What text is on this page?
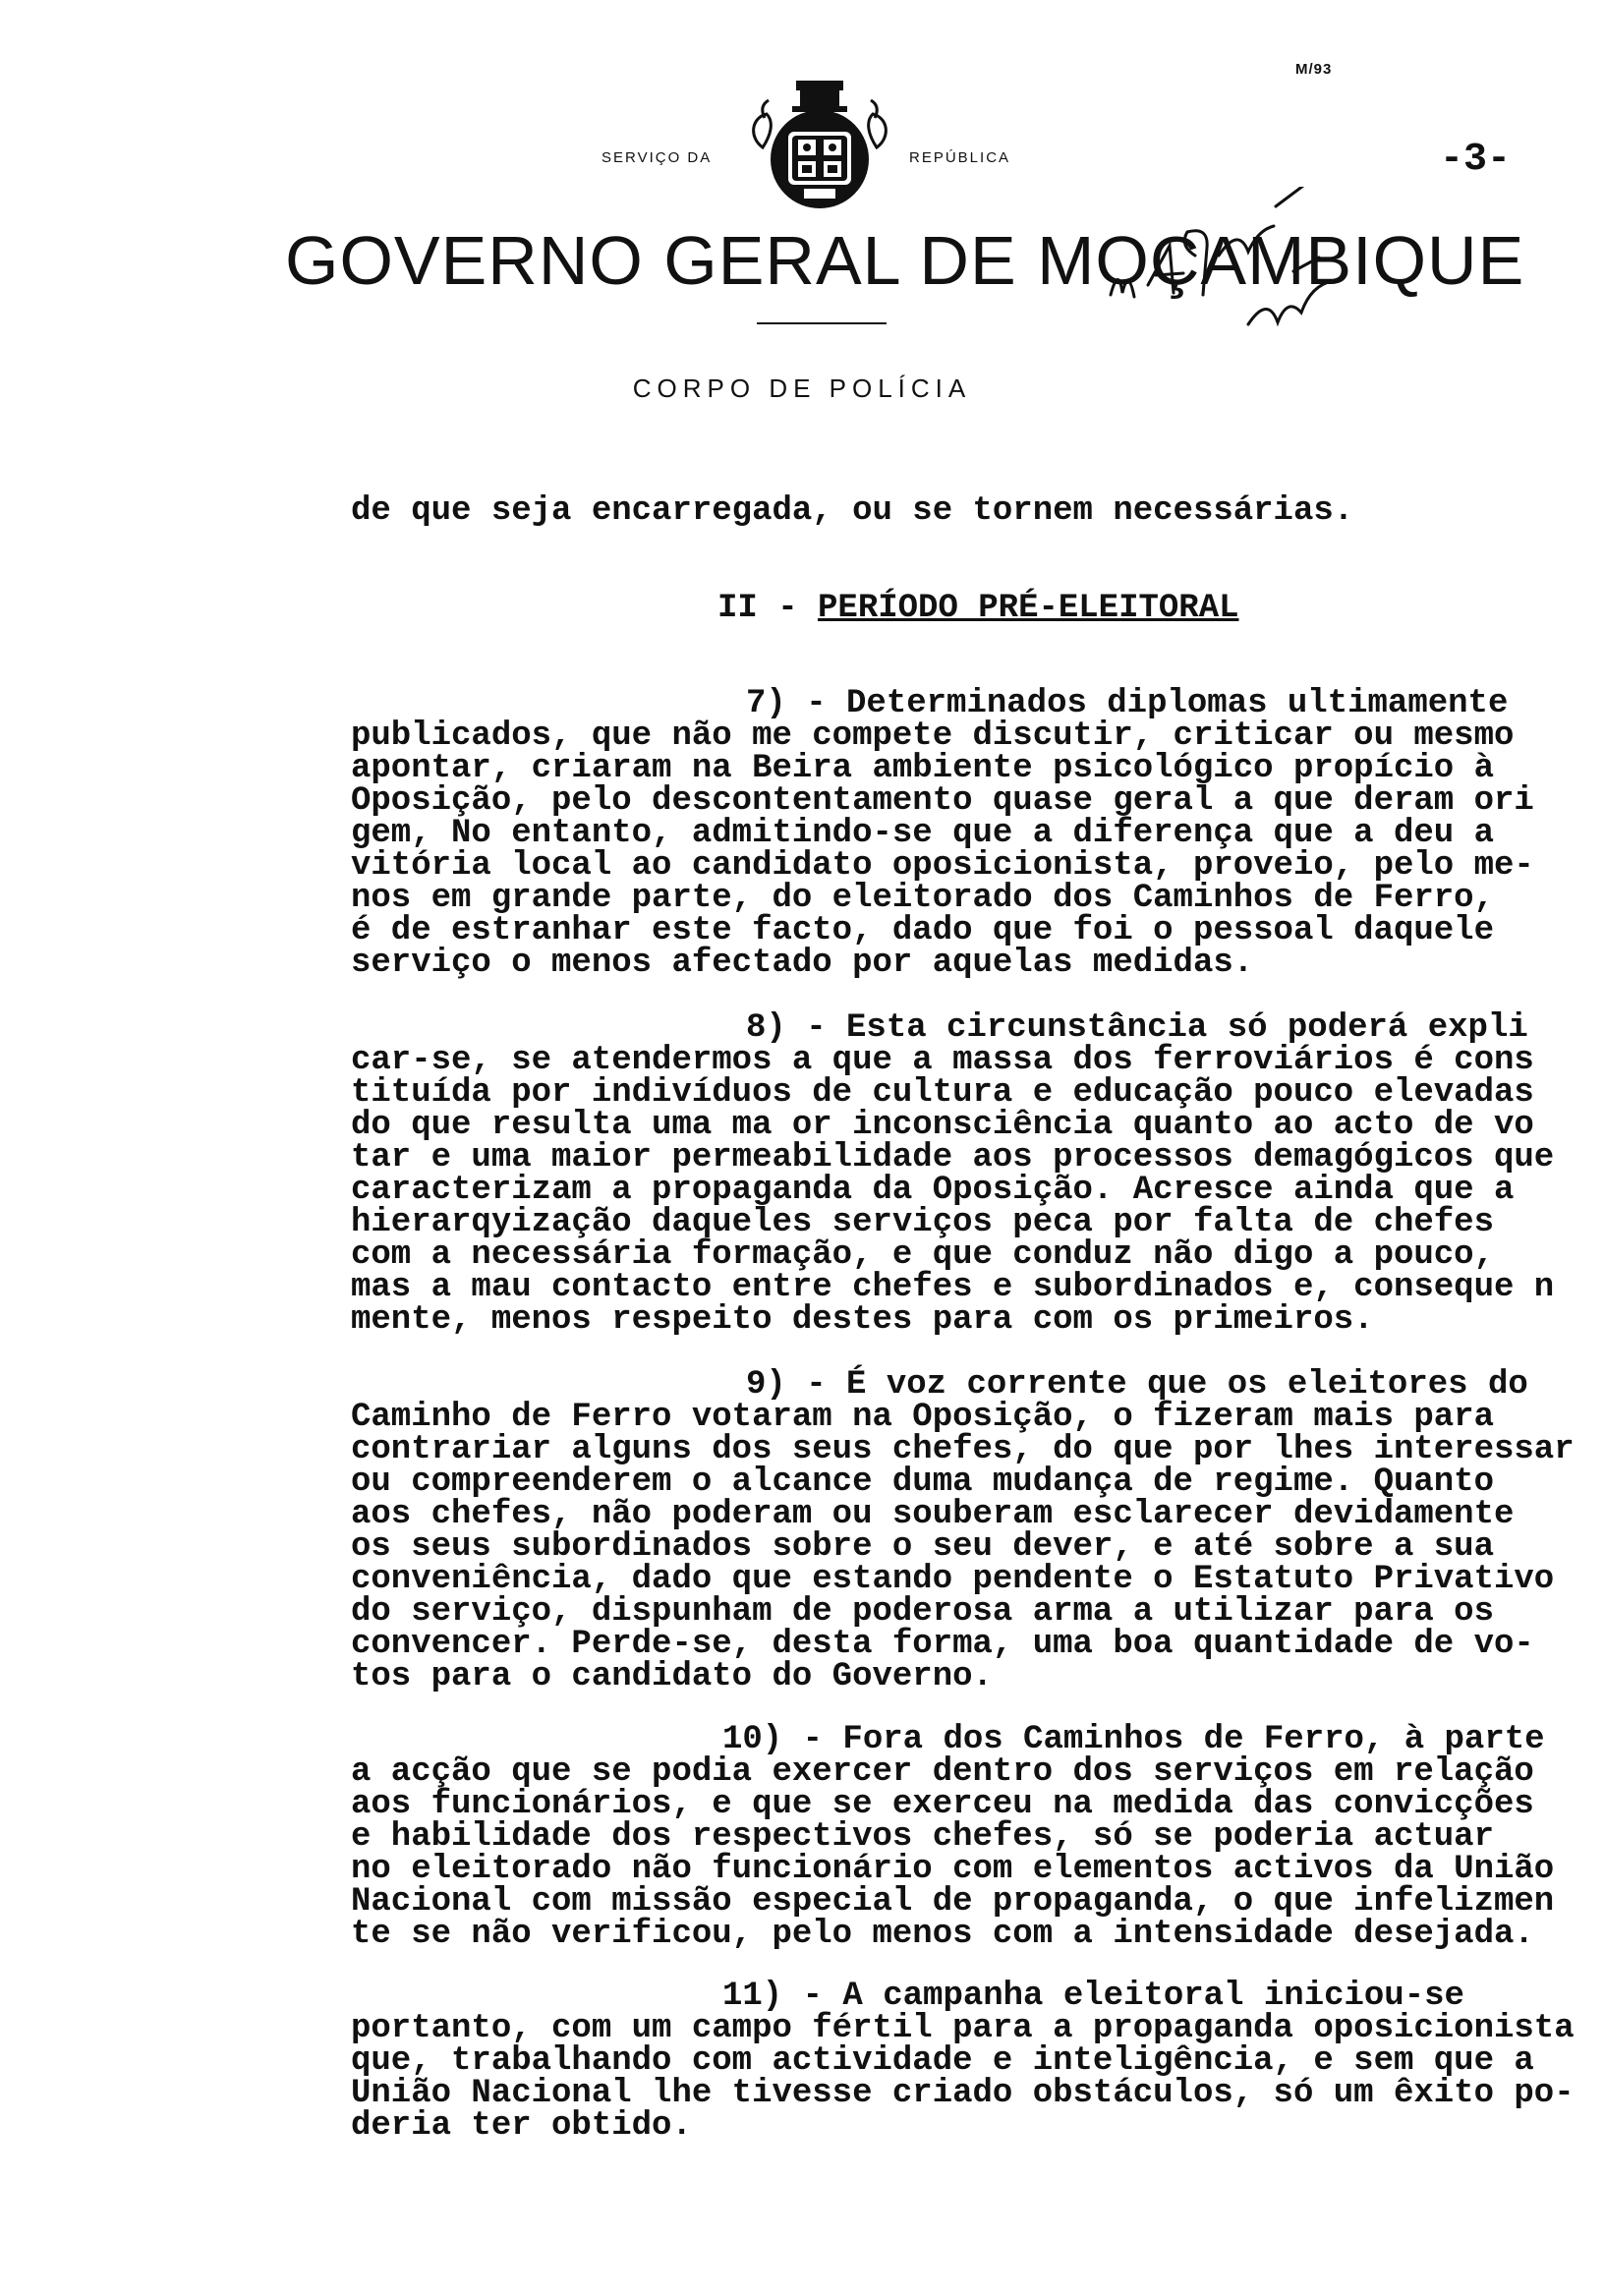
M/93
SERVIÇO DA	REPÚBLICA	-3-
GOVERNO GERAL DE MOÇAMBIQUE
CORPO DE POLÍCIA
de que seja encarregada, ou se tornem necessárias.
II - PERÍODO PRÉ-ELEITORAL
7) - Determinados diplomas ultimamente
publicados, que não me compete discutir, criticar ou mesmo
apontar, criaram na Beira ambiente psicológico propício à
Oposição, pelo descontentamento quase geral a que deram ori
gem, No entanto, admitindo-se que a diferença que a deu a
vitória local ao candidato oposicionista, proveio, pelo me-
nos em grande parte, do eleitorado dos Caminhos de Ferro,
é de estranhar este facto, dado que foi o pessoal daquele
serviço o menos afectado por aquelas medidas.
8) - Esta circunstância só poderá expli
car-se, se atendermos a que a massa dos ferroviários é cons
tituída por indivíduos de cultura e educação pouco elevadas
do que resulta uma ma or inconsciência quanto ao acto de vo
tar e uma maior permeabilidade aos processos demagógicos que
caracterizam a propaganda da Oposição. Acresce ainda que a
hierarqyização daqueles serviços peca por falta de chefes
com a necessária formação, e que conduz não digo a pouco,
mas a mau contacto entre chefes e subordinados e, conseque n
mente, menos respeito destes para com os primeiros.
9) - É voz corrente que os eleitores do
Caminho de Ferro votaram na Oposição, o fizeram mais para
contrariar alguns dos seus chefes, do que por lhes interessar
ou compreenderem o alcance duma mudança de regime. Quanto
aos chefes, não poderam ou souberam esclarecer devidamente
os seus subordinados sobre o seu dever, e até sobre a sua
conveniência, dado que estando pendente o Estatuto Privativo
do serviço, dispunham de poderosa arma a utilizar para os
convencer. Perde-se, desta forma, uma boa quantidade de vo-
tos para o candidato do Governo.
10) - Fora dos Caminhos de Ferro, à parte
a acção que se podia exercer dentro dos serviços em relação
aos funcionários, e que se exerceu na medida das convicções
e habilidade dos respectivos chefes, só se poderia actuar
no eleitorado não funcionário com elementos activos da União
Nacional com missão especial de propaganda, o que infelizmen
te se não verificou, pelo menos com a intensidade desejada.
11) - A campanha eleitoral iniciou-se
portanto, com um campo fértil para a propaganda oposicionista
que, trabalhando com actividade e inteligência, e sem que a
União Nacional lhe tivesse criado obstáculos, só um êxito po-
deria ter obtido.
